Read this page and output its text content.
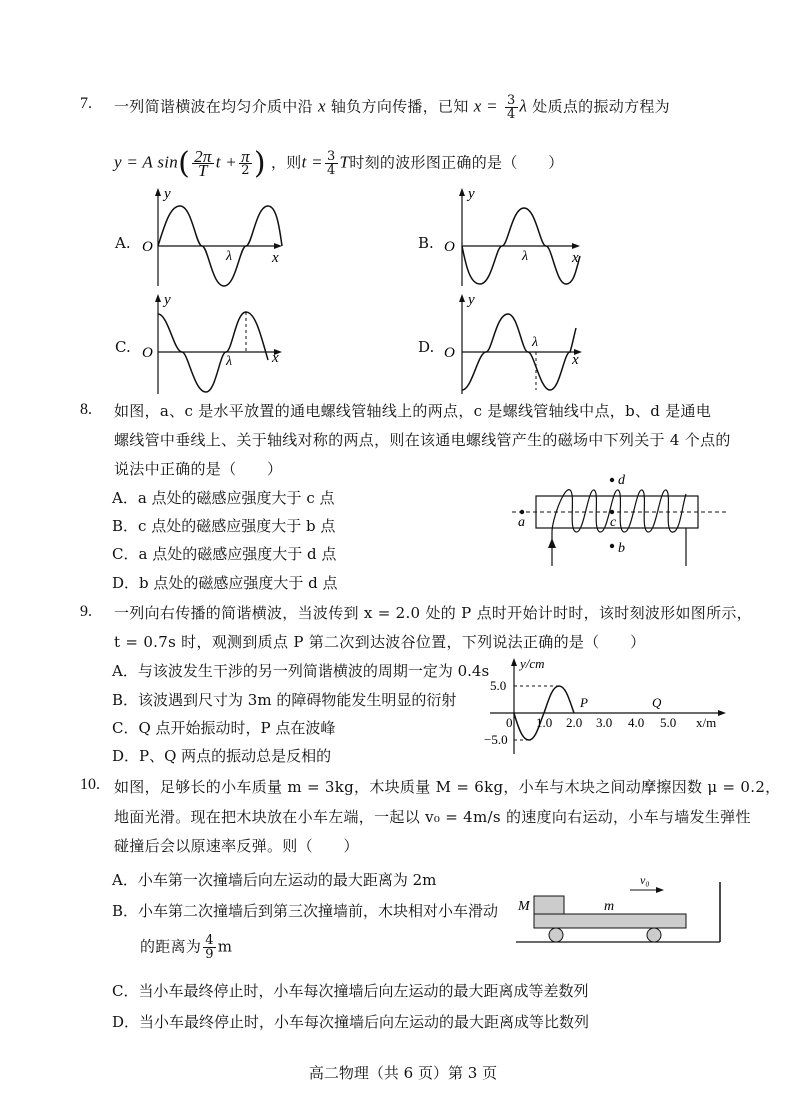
7. 一列简谐横波在均匀介质中沿 x 轴负方向传播，已知 $x = \frac{3}{4}$ λ 处质点的振动方程为
y = A $\sin( \frac{2\pi}{T}$ $t + \frac{\pi}{2}$ ) ，则$t = \frac{3}{4}$ T时刻的波形图正确的是（　　）
A. O
y
x
λ
B. O
y
x
λ
C. O
y
x
λ
D. O
y
x
λ
8. 如图，a、c 是水平放置的通电螺线管轴线上的两点，c 是螺线管轴线中点，b、d 是通电
螺线管中垂线上、关于轴线对称的两点，则在该通电螺线管产生的磁场中下列关于 4 个点的
说法中正确的是（　　）
A．a 点处的磁感应强度大于 c 点
B．c 点处的磁感应强度大于 b 点
C．a 点处的磁感应强度大于 d 点
D．b 点处的磁感应强度大于 d 点
d
c
a
b
9. 一列向右传播的简谐横波，当波传到 x = 2.0 处的 P 点时开始计时时，该时刻波形如图所示，
t = 0.7s 时，观测到质点 P 第二次到达波谷位置，下列说法正确的是（　　）
A．与该波发生干涉的另一列简谐横波的周期一定为 0.4s
B．该波遇到尺寸为 3m 的障碍物能发生明显的衍射
C．Q 点开始振动时，P 点在波峰
D．P、Q 两点的振动总是反相的
y/cm
5.0
−5.0
0 1.0 2.0 3.0 4.0 5.0 x/m
P	Q
10. 如图，足够长的小车质量 m = 3kg，木块质量 M = 6kg，小车与木块之间动摩擦因数 μ = 0.2，
地面光滑。现在把木块放在小车左端，一起以 v₀ = 4m/s 的速度向右运动，小车与墙发生弹性
碰撞后会以原速率反弹。则（　　）
A．小车第一次撞墙后向左运动的最大距离为 2m
B．小车第二次撞墙后到第三次撞墙前，木块相对小车滑动
的距离为 $\frac{4}{9}$ m
C．当小车最终停止时，小车每次撞墙后向左运动的最大距离成等差数列
D．当小车最终停止时，小车每次撞墙后向左运动的最大距离成等比数列
v₀
M	m
高二物理（共 6 页）第 3 页
